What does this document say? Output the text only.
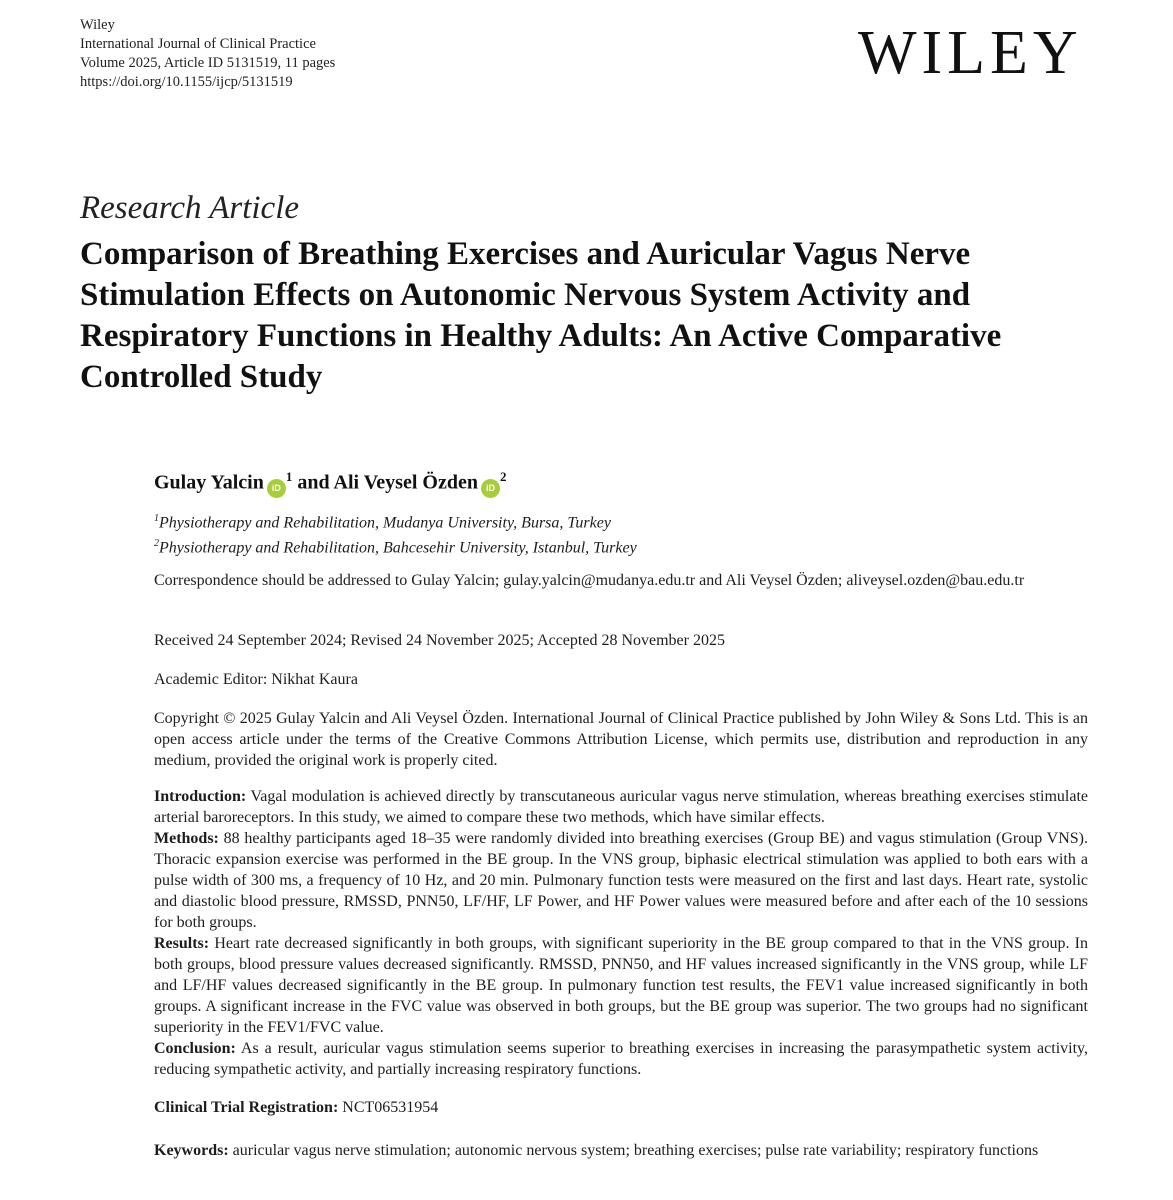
Wiley
International Journal of Clinical Practice
Volume 2025, Article ID 5131519, 11 pages
https://doi.org/10.1155/ijcp/5131519	WILEY
Research Article
Comparison of Breathing Exercises and Auricular Vagus Nerve Stimulation Effects on Autonomic Nervous System Activity and Respiratory Functions in Healthy Adults: An Active Comparative Controlled Study
Gulay Yalcin $iD^1$ and Ali Veysel Özden $iD^2$
$^1$Physiotherapy and Rehabilitation, Mudanya University, Bursa, Turkey
$^2$Physiotherapy and Rehabilitation, Bahcesehir University, Istanbul, Turkey
Correspondence should be addressed to Gulay Yalcin; gulay.yalcin@mudanya.edu.tr and Ali Veysel Özden; aliveysel.ozden@bau.edu.tr
Received 24 September 2024; Revised 24 November 2025; Accepted 28 November 2025
Academic Editor: Nikhat Kaura
Copyright © 2025 Gulay Yalcin and Ali Veysel Özden. International Journal of Clinical Practice published by John Wiley & Sons Ltd. This is an open access article under the terms of the Creative Commons Attribution License, which permits use, distribution and reproduction in any medium, provided the original work is properly cited.

Introduction: Vagal modulation is achieved directly by transcutaneous auricular vagus nerve stimulation, whereas breathing exercises stimulate arterial baroreceptors. In this study, we aimed to compare these two methods, which have similar effects.

Methods: 88 healthy participants aged 18–35 were randomly divided into breathing exercises (Group BE) and vagus stimulation (Group VNS). Thoracic expansion exercise was performed in the BE group. In the VNS group, biphasic electrical stimulation was applied to both ears with a pulse width of 300 ms, a frequency of 10 Hz, and 20 min. Pulmonary function tests were measured on the first and last days. Heart rate, systolic and diastolic blood pressure, RMSSD, PNN50, LF/HF, LF Power, and HF Power values were measured before and after each of the 10 sessions for both groups.

Results: Heart rate decreased significantly in both groups, with significant superiority in the BE group compared to that in the VNS group. In both groups, blood pressure values decreased significantly. RMSSD, PNN50, and HF values increased significantly in the VNS group, while LF and LF/HF values decreased significantly in the BE group. In pulmonary function test results, the FEV1 value increased significantly in both groups. A significant increase in the FVC value was observed in both groups, but the BE group was superior. The two groups had no significant superiority in the FEV1/FVC value.

Conclusion: As a result, auricular vagus stimulation seems superior to breathing exercises in increasing the parasympathetic system activity, reducing sympathetic activity, and partially increasing respiratory functions.

Clinical Trial Registration: NCT06531954
Keywords: auricular vagus nerve stimulation; autonomic nervous system; breathing exercises; pulse rate variability; respiratory functions
